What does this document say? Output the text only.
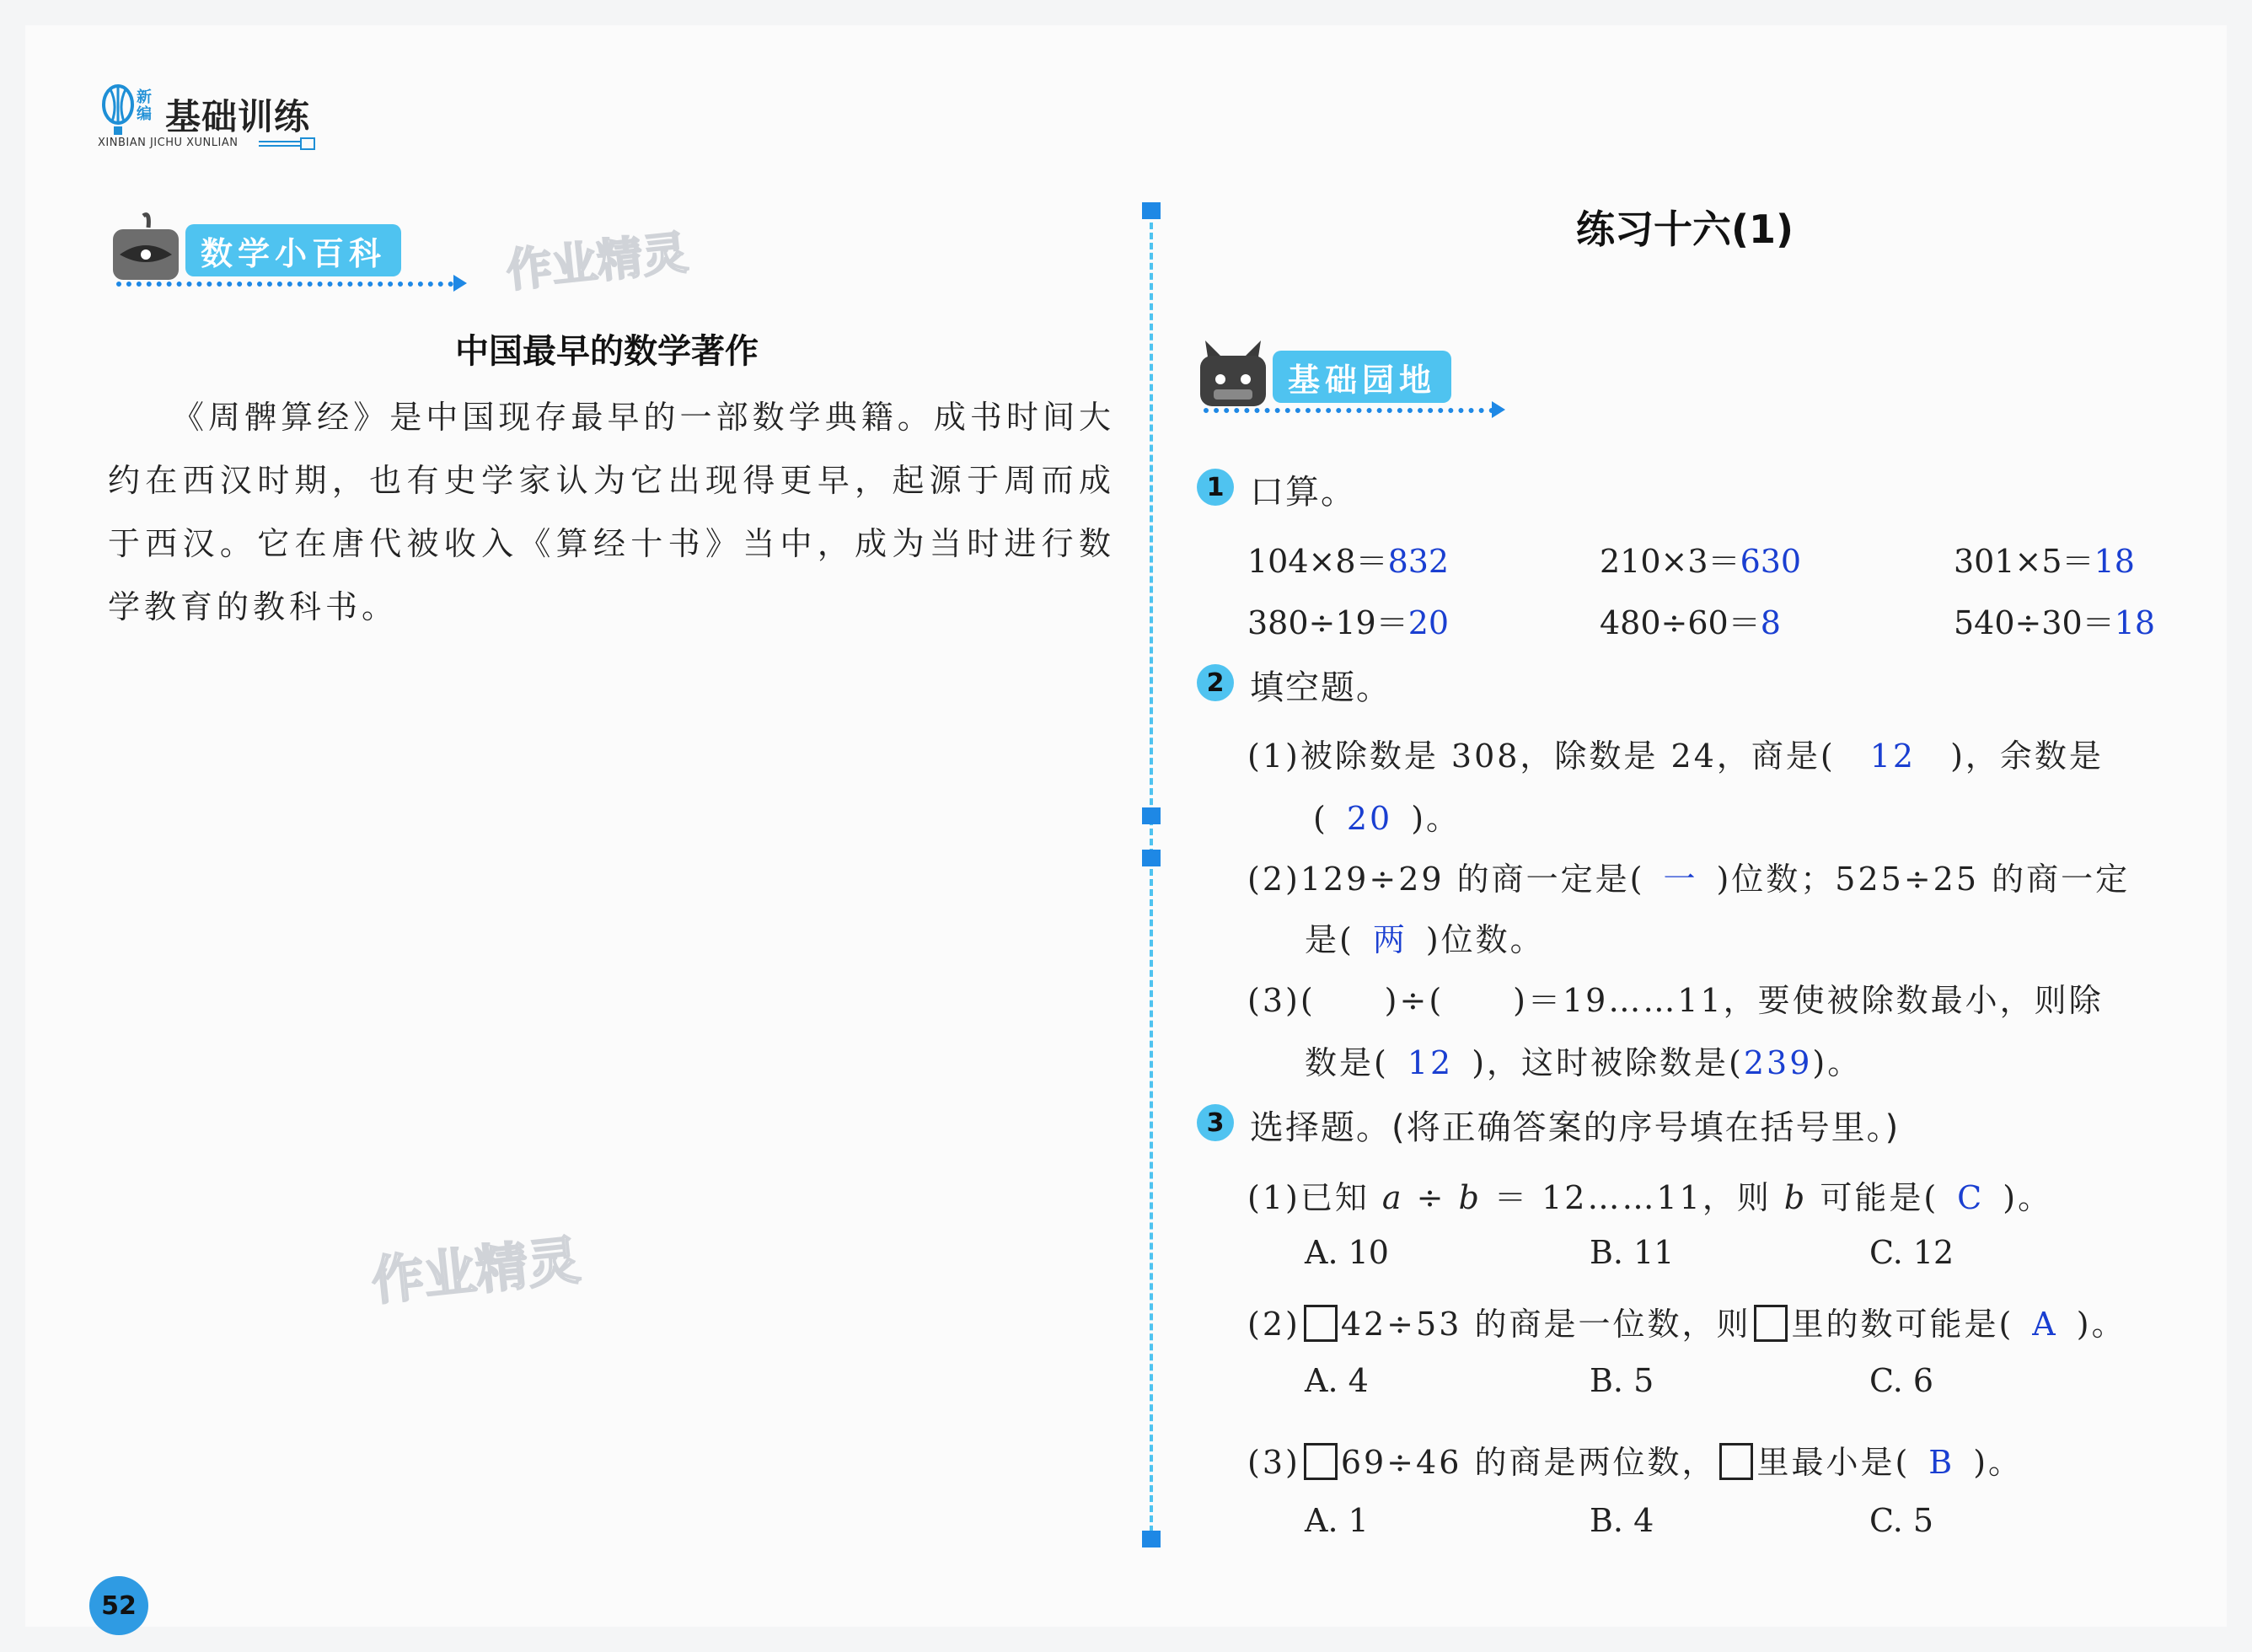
新编 基础训练
XINBIAN JICHU XUNLIAN
数学小百科	作业精灵
作业精灵
中国最早的数学著作
《周髀算经》是中国现存最早的一部数学典籍。成书时间大约在西汉时期，也有史学家认为它出现得更早，起源于周而成于西汉。它在唐代被收入《算经十书》当中，成为当时进行数学教育的教科书。
练习十六(1)
基础园地
1 口算。
104×8＝832	210×3＝630	301×5＝18
380÷19＝20	480÷60＝8	540÷30＝18
2 填空题。
(1)被除数是 308，除数是 24，商是(  12  )，余数是
(  20  )。
(2)129÷29 的商一定是(  一  )位数；525÷25 的商一定
是(  两  )位数。
(3)(　　)÷(　　)＝19……11，要使被除数最小，则除
数是(  12  )，这时被除数是(239)。
3 选择题。(将正确答案的序号填在括号里。)
(1)已知 a ÷ b ＝ 12……11，则 b 可能是(  C  )。
A. 10	B. 11	C. 12
(2) 42÷53 的商是一位数，则 里的数可能是(  A  )。
A. 4	B. 5	C. 6
(3) 69÷46 的商是两位数， 里最小是(  B  )。
A. 1	B. 4	C. 5
52
